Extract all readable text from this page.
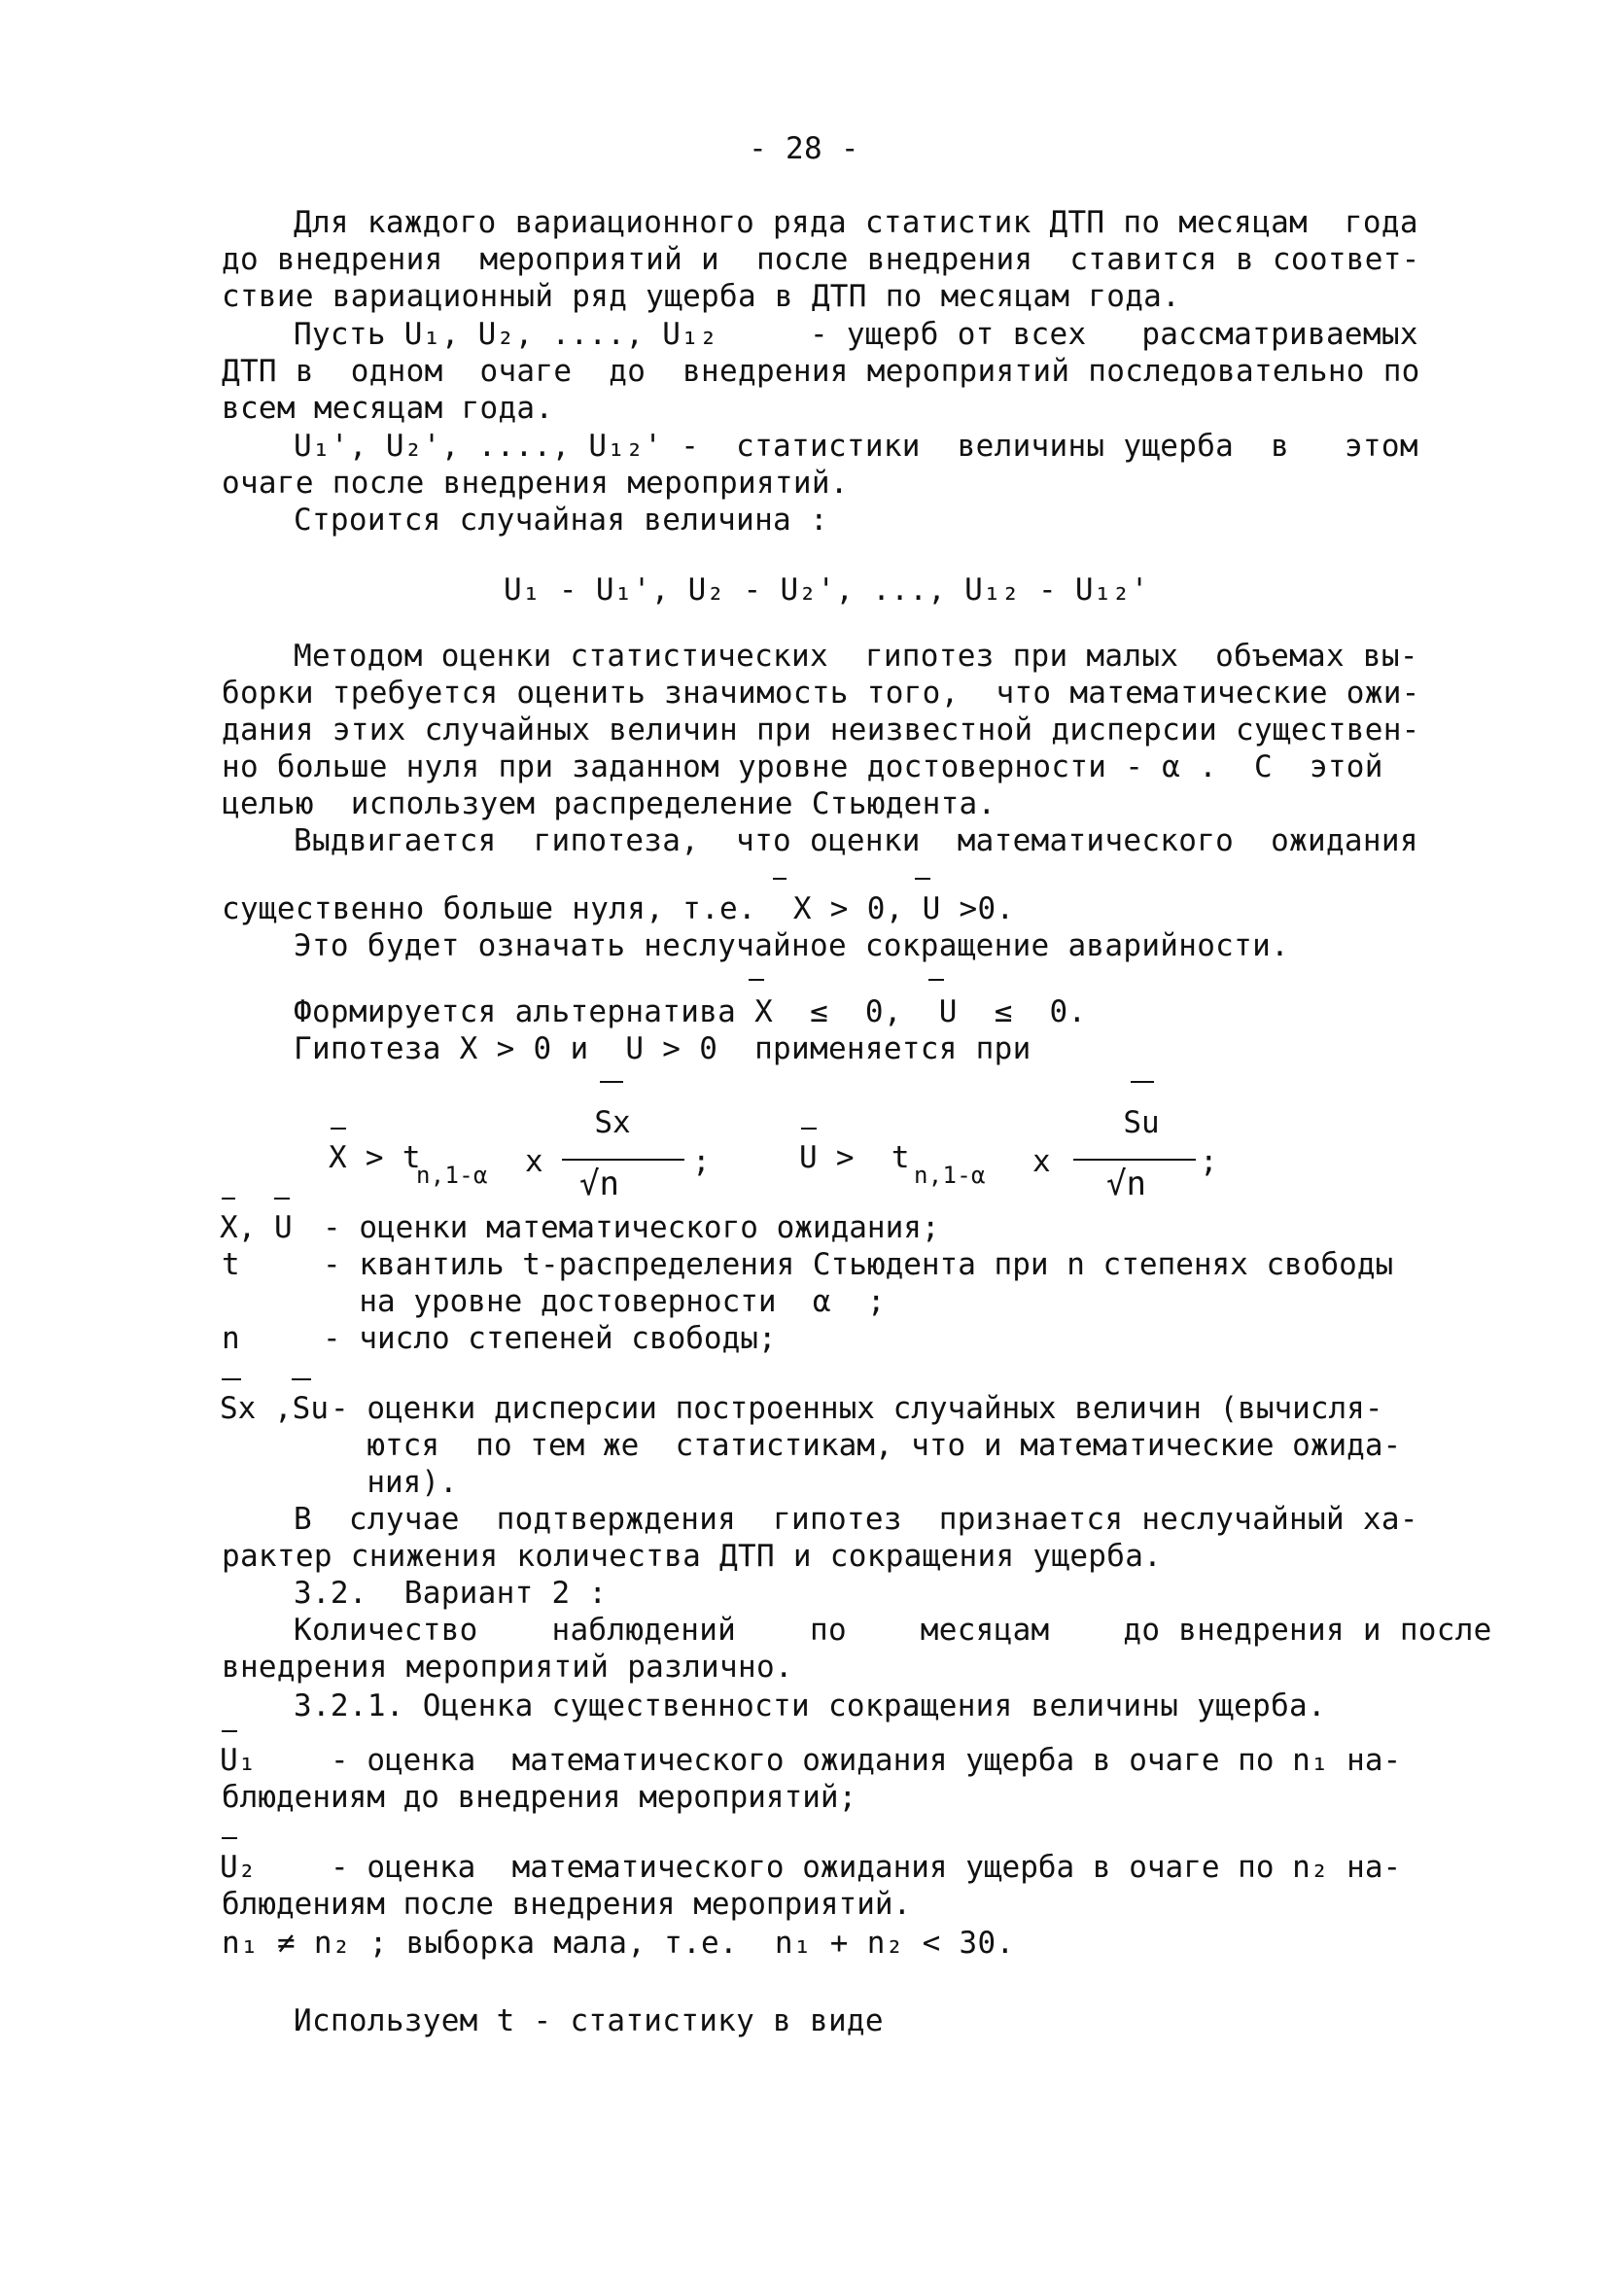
- 28 -
Для каждого вариационного ряда статистик ДТП по месяцам  года
до внедрения  мероприятий и  после внедрения  ставится в соответ-
ствие вариационный ряд ущерба в ДТП по месяцам года.
Пусть U₁, U₂, ...., U₁₂     - ущерб от всех   рассматриваемых
ДТП в  одном  очаге  до  внедрения мероприятий последовательно по
всем месяцам года.
U₁', U₂', ...., U₁₂' -  статистики  величины ущерба  в   этом
очаге после внедрения мероприятий.
Строится случайная величина :
U₁ - U₁', U₂ - U₂', ..., U₁₂ - U₁₂'
Методом оценки статистических  гипотез при малых  объемах вы-
борки требуется оценить значимость того,  что математические ожи-
дания этих случайных величин при неизвестной дисперсии существен-
но больше нуля при заданном уровне достоверности - α .  С  этой
целью  используем распределение Стьюдента.
Выдвигается  гипотеза,  что оценки  математического  ожидания
существенно больше нуля, т.е.  X > 0, U >0.
Это будет означать неслучайное сокращение аварийности.
Формируется альтернатива X  ≤  0,  U  ≤  0.
Гипотеза X > 0 и  U > 0  применяется при
X > t
n,1-α x
Sx
√n
;	U >  t n,1-α x
Su
√n
;
X, U - оценки математического ожидания;
t	- квантиль t-распределения Стьюдента при n степенях свободы
на уровне достоверности  α  ;
n	- число степеней свободы;
Sx ,Su - оценки дисперсии построенных случайных величин (вычисля-
ются  по тем же  статистикам, что и математические ожида-
ния).
В  случае  подтверждения  гипотез  признается неслучайный ха-
рактер снижения количества ДТП и сокращения ущерба.
3.2.  Вариант 2 :
Количество    наблюдений    по    месяцам    до внедрения и после
внедрения мероприятий различно.
3.2.1. Оценка существенности сокращения величины ущерба.
U₁ - оценка  математического ожидания ущерба в очаге по n₁ на-
блюдениям до внедрения мероприятий;
U₂ - оценка  математического ожидания ущерба в очаге по n₂ на-
блюдениям после внедрения мероприятий.
n₁ ≠ n₂ ; выборка мала, т.е.  n₁ + n₂ < 30.
Используем t - статистику в виде
